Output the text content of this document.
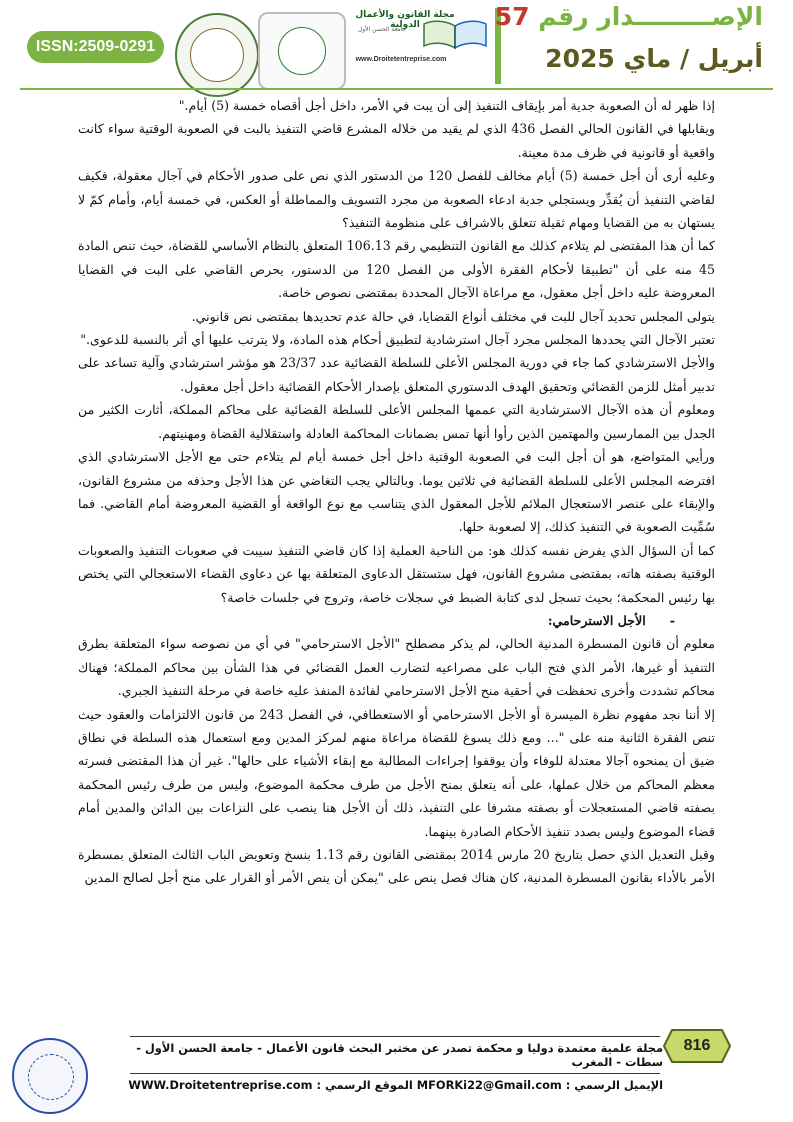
ISSN:2509-0291
مجلة القانون والأعمال الدولية
جامعة الحسن الأول
www.Droitetentreprise.com
الإصـــــــــدار رقم 57
أبريل / ماي 2025

إذا ظهر له أن الصعوبة جدية أمر بإيقاف التنفيذ إلى أن يبت في الأمر، داخل أجل أقصاه خمسة (5) أيام."

ويقابلها في القانون الحالي الفصل 436 الذي لم يقيد من خلاله المشرع قاضي التنفيذ بالبت في الصعوبة الوقتية سواء كانت واقعية أو قانونية في ظرف مدة معينة.

وعليه أرى أن أجل خمسة (5) أيام مخالف للفصل 120 من الدستور الذي نص على صدور الأحكام في آجال معقولة، فكيف لقاضي التنفيذ أن يُقدِّر ويستجلي جدية ادعاء الصعوبة من مجرد التسويف والمماطلة أو العكس، في خمسة أيام، وأمام كمّ لا يستهان به من القضايا ومهام ثقيلة تتعلق بالاشراف على منظومة التنفيذ؟

كما أن هذا المقتضى لم يتلاءم كذلك مع القانون التنظيمي رقم 106.13 المتعلق بالنظام الأساسي للقضاة، حيث تنص المادة 45 منه على أن "تطبيقا لأحكام الفقرة الأولى من الفصل 120 من الدستور، يحرص القاضي على البت في القضايا المعروضة عليه داخل أجل معقول، مع مراعاة الآجال المحددة بمقتضى نصوص خاصة.

يتولى المجلس تحديد آجال للبت في مختلف أنواع القضايا، في حالة عدم تحديدها بمقتضى نص قانوني.

تعتبر الآجال التي يحددها المجلس مجرد آجال استرشادية لتطبيق أحكام هذه المادة، ولا يترتب عليها أي أثر بالنسبة للدعوى."

والأجل الاسترشادي كما جاء في دورية المجلس الأعلى للسلطة القضائية عدد 23/37 هو مؤشر استرشادي وآلية تساعد على تدبير أمثل للزمن القضائي وتحقيق الهدف الدستوري المتعلق بإصدار الأحكام القضائية داخل أجل معقول.

ومعلوم أن هذه الآجال الاسترشادية التي عممها المجلس الأعلى للسلطة القضائية على محاكم المملكة، أثارت الكثير من الجدل بين الممارسين والمهتمين الذين رأوا أنها تمس بضمانات المحاكمة العادلة واستقلالية القضاة ومهنيتهم.

ورأيي المتواضع، هو أن أجل البت في الصعوبة الوقتية داخل أجل خمسة أيام لم يتلاءم حتى مع الأجل الاسترشادي الذي افترضه المجلس الأعلى للسلطة القضائية في ثلاثين يوما. وبالتالي يجب التغاضي عن هذا الأجل وحذفه من مشروع القانون، والإبقاء على عنصر الاستعجال الملائم للأجل المعقول الذي يتناسب مع نوع الواقعة أو القضية المعروضة أمام القاضي. فما سُمِّيت الصعوبة في التنفيذ كذلك، إلا لصعوبة حلها.

كما أن السؤال الذي يفرض نفسه كذلك هو: من الناحية العملية إذا كان قاضي التنفيذ سيبت في صعوبات التنفيذ والصعوبات الوقتية بصفته هاته، بمقتضى مشروع القانون، فهل ستستقل الدعاوى المتعلقة بها عن دعاوى القضاء الاستعجالي التي يختص بها رئيس المحكمة؛ بحيث تسجل لدى كتابة الضبط في سجلات خاصة، وتروج في جلسات خاصة؟

- الأجل الاسترحامي:

معلوم أن قانون المسطرة المدنية الحالي، لم يذكر مصطلح "الأجل الاسترحامي" في أي من نصوصه سواء المتعلقة بطرق التنفيذ أو غيرها، الأمر الذي فتح الباب على مصراعيه لتضارب العمل القضائي في هذا الشأن بين محاكم المملكة؛ فهناك محاكم تشددت وأخرى تحفظت في أحقية منح الأجل الاسترحامي لفائدة المنفذ عليه خاصة في مرحلة التنفيذ الجبري.

إلا أننا نجد مفهوم نظرة الميسرة أو الأجل الاسترحامي أو الاستعطافي، في الفصل 243 من قانون الالتزامات والعقود حيث تنص الفقرة الثانية منه على "... ومع ذلك يسوغ للقضاة مراعاة منهم لمركز المدين ومع استعمال هذه السلطة في نطاق ضيق أن يمنحوه آجالا معتدلة للوفاء وأن يوقفوا إجراءات المطالبة مع إبقاء الأشياء على حالها". غير أن هذا المقتضى فسرته معظم المحاكم من خلال عملها، على أنه يتعلق بمنح الأجل من طرف محكمة الموضوع، وليس من طرف رئيس المحكمة بصفته قاضي المستعجلات أو بصفته مشرفا على التنفيذ، ذلك أن الأجل هنا ينصب على النزاعات بين الدائن والمدين أمام قضاء الموضوع وليس بصدد تنفيذ الأحكام الصادرة بينهما.

وقبل التعديل الذي حصل بتاريخ 20 مارس 2014 بمقتضى القانون رقم 1.13 بنسخ وتعويض الباب الثالث المتعلق بمسطرة الأمر بالأداء بقانون المسطرة المدنية، كان هناك فصل ينص على "يمكن أن ينص الأمر أو القرار على منح أجل لصالح المدين

مجلة علمية معتمدة دوليا و محكمة تصدر عن مختبر البحث قانون الأعمال - جامعة الحسن الأول - سطات - المغرب
الإيميل الرسمي : MFORKi22@Gmail.com الموقع الرسمي : WWW.Droitetentreprise.com
816
